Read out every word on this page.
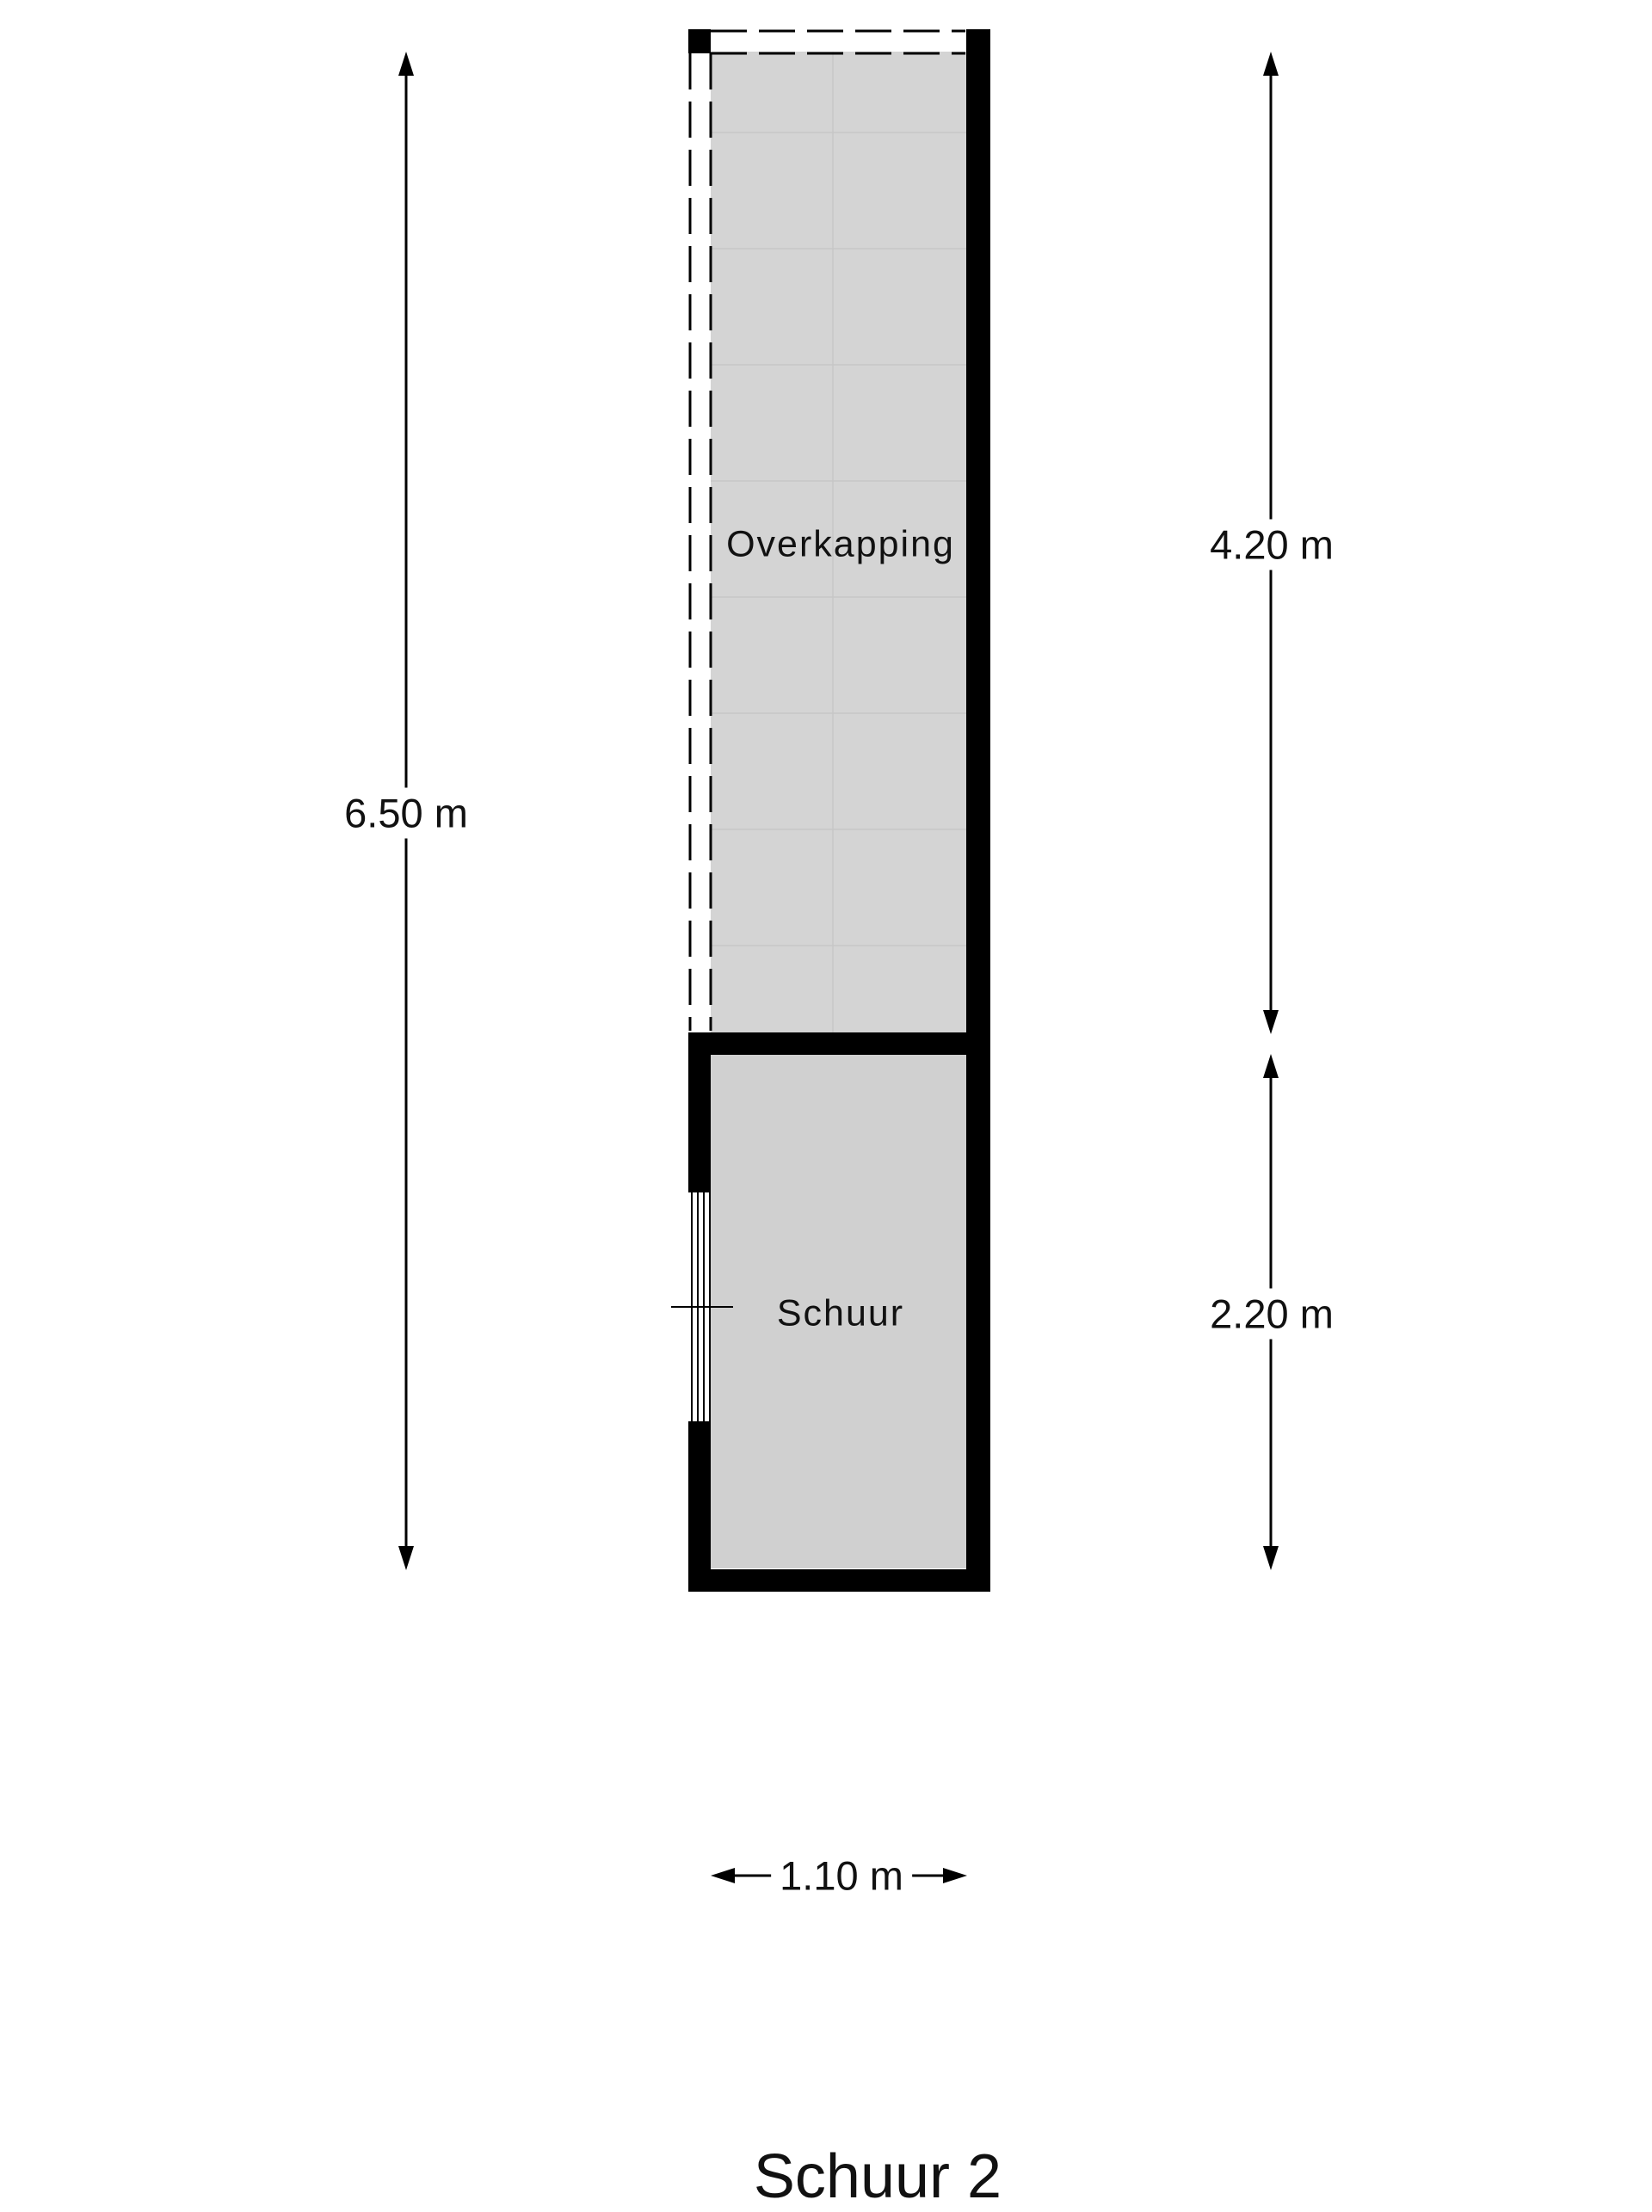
Overkapping
Schuur
6.50 m
4.20 m
2.20 m
1.10 m
Schuur 2
